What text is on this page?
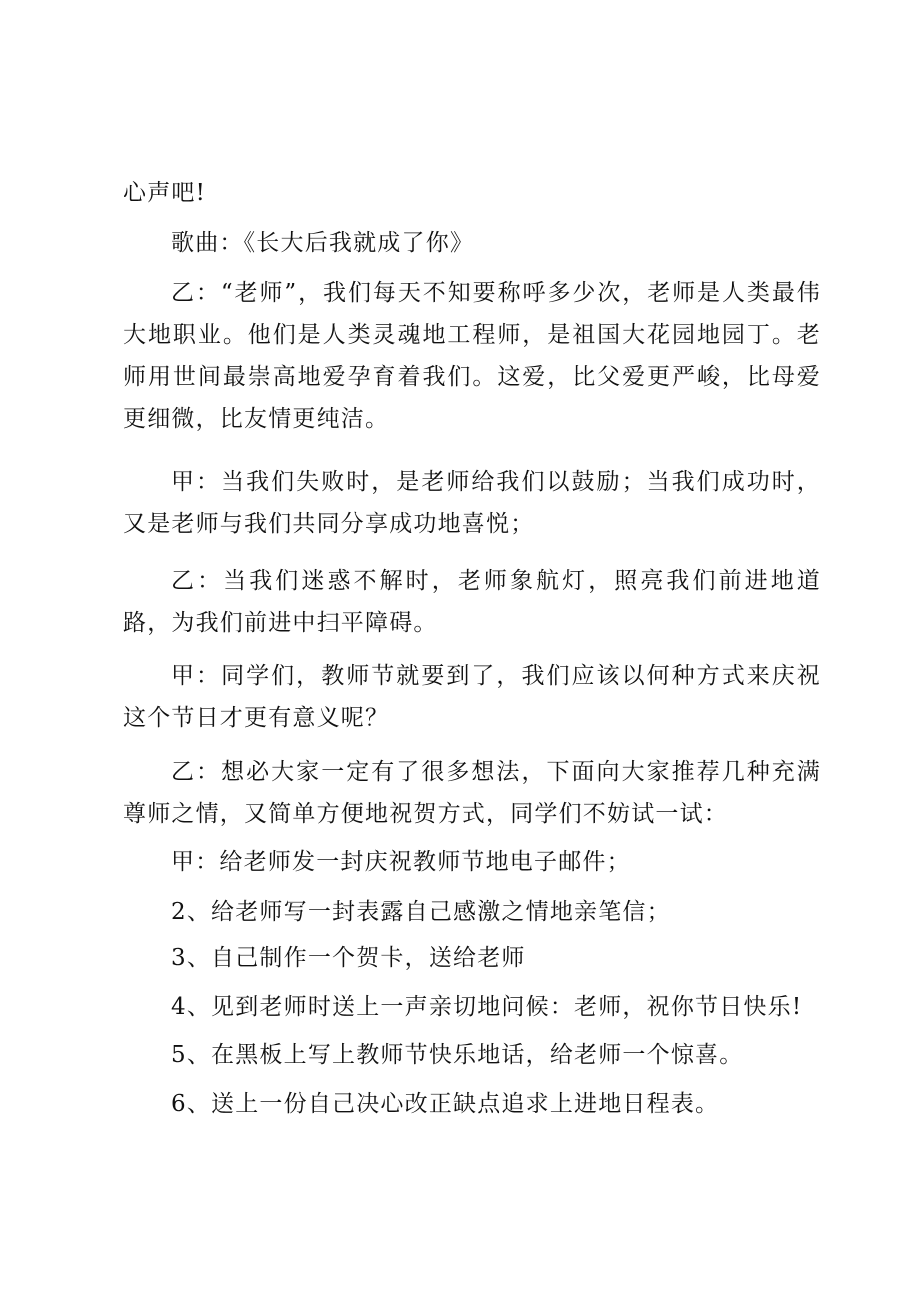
心声吧!

歌曲：《长大后我就成了你》

乙：“老师”，我们每天不知要称呼多少次，老师是人类最伟大地职业。他们是人类灵魂地工程师，是祖国大花园地园丁。老师用世间最崇高地爱孕育着我们。这爱，比父爱更严峻，比母爱更细微，比友情更纯洁。

甲：当我们失败时，是老师给我们以鼓励；当我们成功时，又是老师与我们共同分享成功地喜悦；

乙：当我们迷惑不解时，老师象航灯，照亮我们前进地道路，为我们前进中扫平障碍。

甲：同学们，教师节就要到了，我们应该以何种方式来庆祝这个节日才更有意义呢？

乙：想必大家一定有了很多想法，下面向大家推荐几种充满尊师之情，又简单方便地祝贺方式，同学们不妨试一试：

甲：给老师发一封庆祝教师节地电子邮件；

2、给老师写一封表露自己感激之情地亲笔信；

3、自己制作一个贺卡，送给老师

4、见到老师时送上一声亲切地问候：老师，祝你节日快乐!

5、在黑板上写上教师节快乐地话，给老师一个惊喜。

6、送上一份自己决心改正缺点追求上进地日程表。
